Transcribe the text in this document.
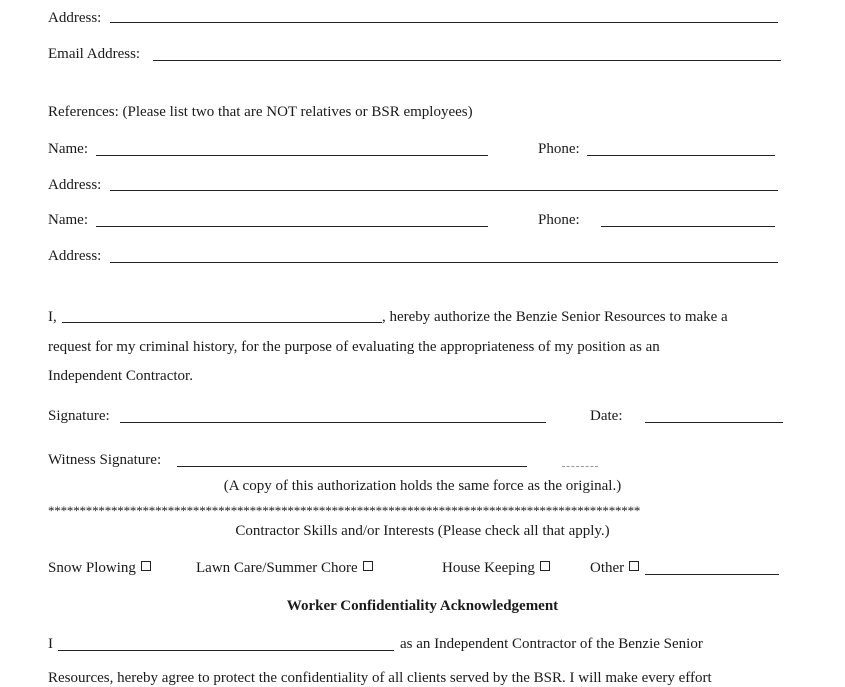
Address:
Email Address:
References: (Please list two that are NOT relatives or BSR employees)
Name:	Phone:
Address:
Name:	Phone:
Address:
I,	, hereby authorize the Benzie Senior Resources to make a
request for my criminal history, for the purpose of evaluating the appropriateness of my position as an
Independent Contractor.
Signature:	Date:
Witness Signature:
(A copy of this authorization holds the same force as the original.)
**********************************************************************************************
Contractor Skills and/or Interests (Please check all that apply.)
Snow Plowing	Lawn Care/Summer Chore	House Keeping	Other
Worker Confidentiality Acknowledgement
I	as an Independent Contractor of the Benzie Senior
Resources, hereby agree to protect the confidentiality of all clients served by the BSR. I will make every effort
